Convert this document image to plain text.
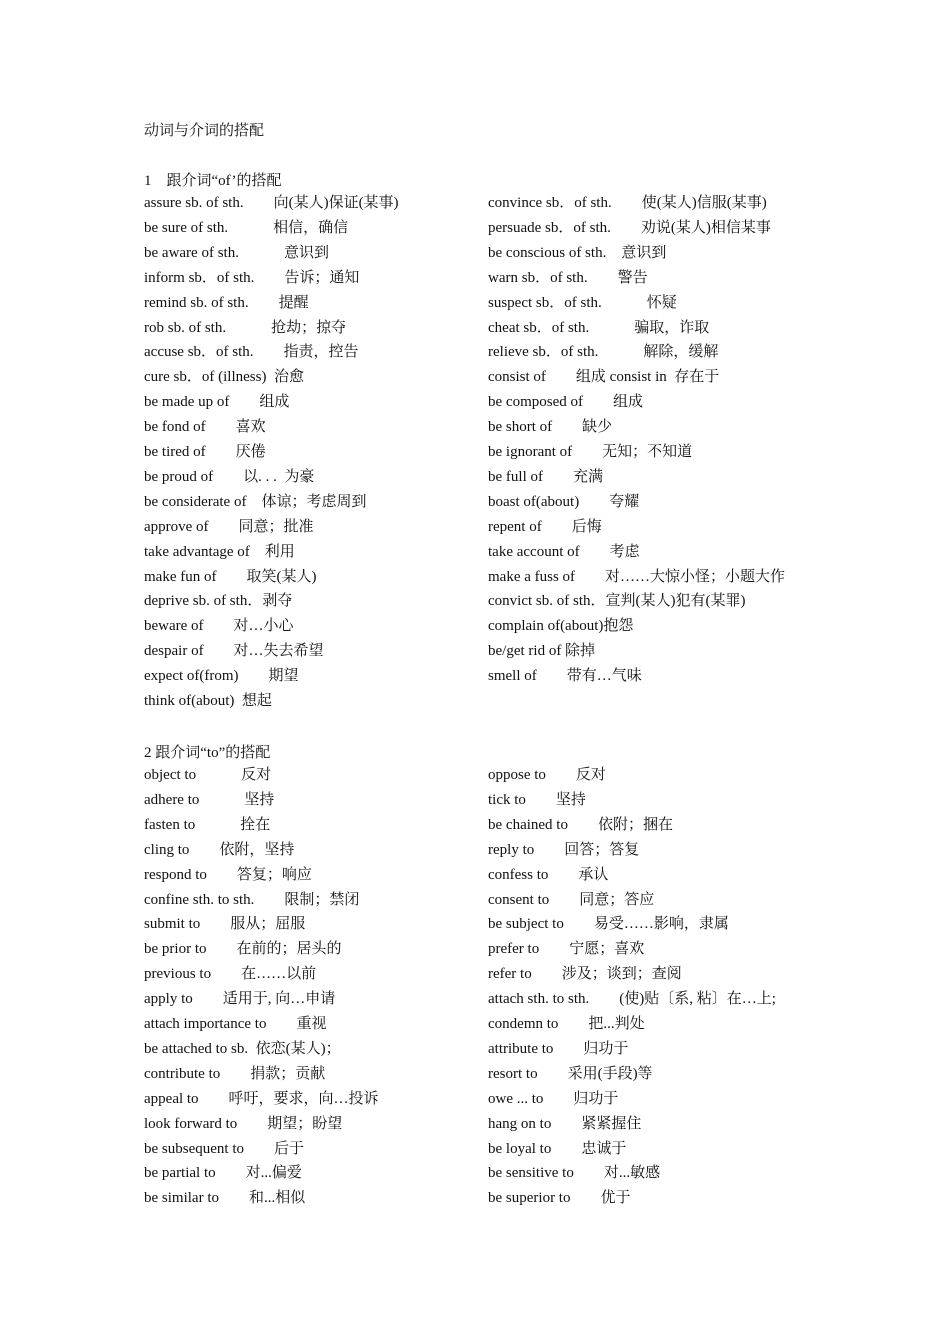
动词与介词的搭配
1　跟介词“of’的搭配
assure sb. of sth.　　向(某人)保证(某事)	convince sb．of sth.　　使(某人)信服(某事)
be sure of sth.　　　相信，确信	persuade sb．of sth.　　劝说(某人)相信某事
be aware of sth.　　　意识到	be conscious of sth.　意识到
inform sb．of sth.　　告诉；通知	warn sb．of sth.　　警告
remind sb. of sth.　　提醒	suspect sb．of sth.　　　怀疑
rob sb. of sth.　　　抢劫；掠夺	cheat sb．of sth.　　　骗取，诈取
accuse sb．of sth.　　指责，控告	relieve sb．of sth.　　　解除，缓解
cure sb．of (illness)  治愈	consist of　　组成 consist in  存在于
be made up of　　组成	be composed of　　组成
be fond of　　喜欢	be short of　　缺少
be tired of　　厌倦	be ignorant of　　无知；不知道
be proud of　　以. . .  为豪	be full of　　充满
be considerate of　体谅；考虑周到	boast of(about)　　夸耀
approve of　　同意；批准	repent of　　后悔
take advantage of　利用	take account of　　考虑
make fun of　　取笑(某人)	make a fuss of　　对……大惊小怪；小题大作
deprive sb. of sth．剥夺	convict sb. of sth．宣判(某人)犯有(某罪)
beware of　　对…小心	complain of(about)抱怨
despair of　　对…失去希望	be/get rid of 除掉
expect of(from)　　期望	smell of　　带有…气味
think of(about)  想起
2 跟介词“to”的搭配
object to　　　反对	oppose to　　反对
adhere to　　　坚持	tick to　　坚持
fasten to　　　拴在	be chained to　　依附；捆在
cling to　　依附，坚持	reply to　　回答；答复
respond to　　答复；响应	confess to　　承认
confine sth. to sth.　　限制；禁闭	consent to　　同意；答应
submit to　　服从；屈服	be subject to　　易受……影响，隶属
be prior to　　在前的；居头的	prefer to　　宁愿；喜欢
previous to　　在……以前	refer to　　涉及；谈到；查阅
apply to　　适用于, 向…申请	attach sth. to sth.　　(使)贴〔系, 粘〕在…上;
attach importance to　　重视	condemn to　　把...判处
be attached to sb.  依恋(某人)；	attribute to　　归功于
contribute to　　捐款；贡献	resort to　　采用(手段)等
appeal to　　呼吁，要求，向…投诉	owe ... to　　归功于
look forward to　　期望；盼望	hang on to　　紧紧握住
be subsequent to　　后于	be loyal to　　忠诚于
be partial to　　对...偏爱	be sensitive to　　对...敏感
be similar to　　和...相似	be superior to　　优于
